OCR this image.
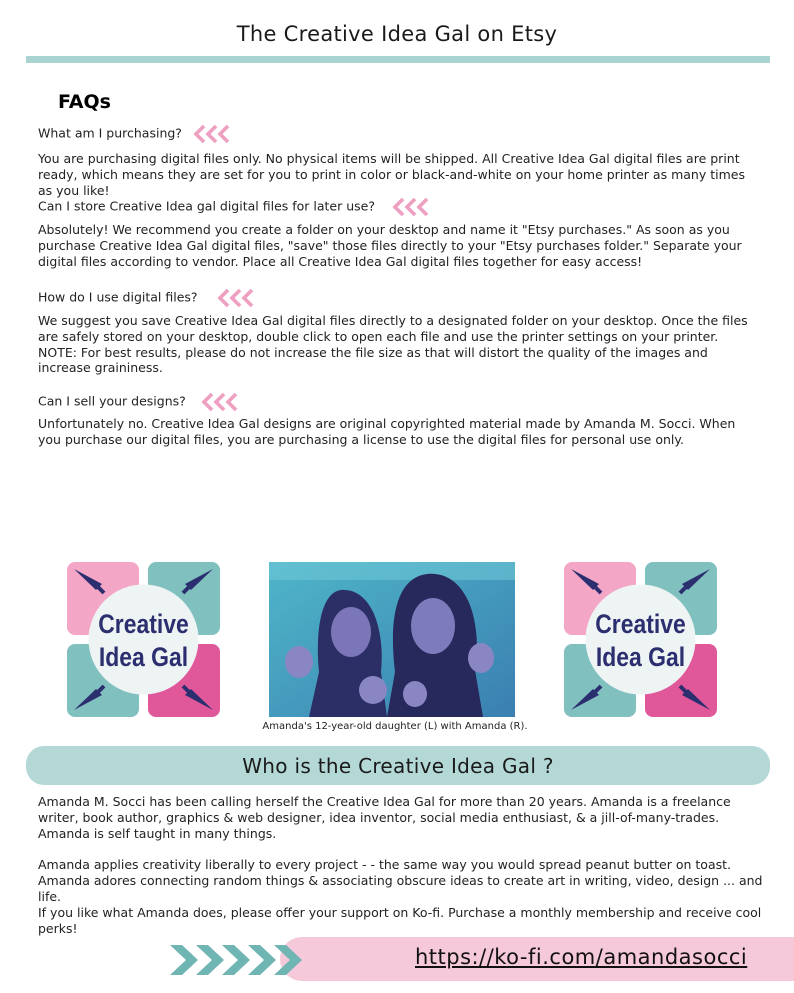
The Creative Idea Gal on Etsy
FAQs
What am I purchasing?

You are purchasing digital files only. No physical items will be shipped. All Creative Idea Gal digital files are print ready, which means they are set for you to print in color or black-and-white on your home printer as many times as you like!

Can I store Creative Idea gal digital files for later use?

Absolutely! We recommend you create a folder on your desktop and name it "Etsy purchases." As soon as you purchase Creative Idea Gal digital files, "save" those files directly to your "Etsy purchases folder." Separate your digital files according to vendor. Place all Creative Idea Gal digital files together for easy access!

How do I use digital files?

We suggest you save Creative Idea Gal digital files directly to a designated folder on your desktop. Once the files are safely stored on your desktop, double click to open each file and use the printer settings on your printer.

NOTE: For best results, please do not increase the file size as that will distort the quality of the images and increase graininess.

Can I sell your designs?

Unfortunately no. Creative Idea Gal designs are original copyrighted material made by Amanda M. Socci. When you purchase our digital files, you are purchasing a license to use the digital files for personal use only.

Creative
Idea Gal
Amanda's 12-year-old daughter (L) with Amanda (R).
Creative
Idea Gal
Who is the Creative Idea Gal ?

Amanda M. Socci has been calling herself the Creative Idea Gal for more than 20 years. Amanda is a freelance writer, book author, graphics & web designer, idea inventor, social media enthusiast, & a jill-of-many-trades. Amanda is self taught in many things.

Amanda applies creativity liberally to every project - - the same way you would spread peanut butter on toast. Amanda adores connecting random things & associating obscure ideas to create art in writing, video, design ... and life.

If you like what Amanda does, please offer your support on Ko-fi. Purchase a monthly membership and receive cool perks!

https://ko-fi.com/amandasocci
